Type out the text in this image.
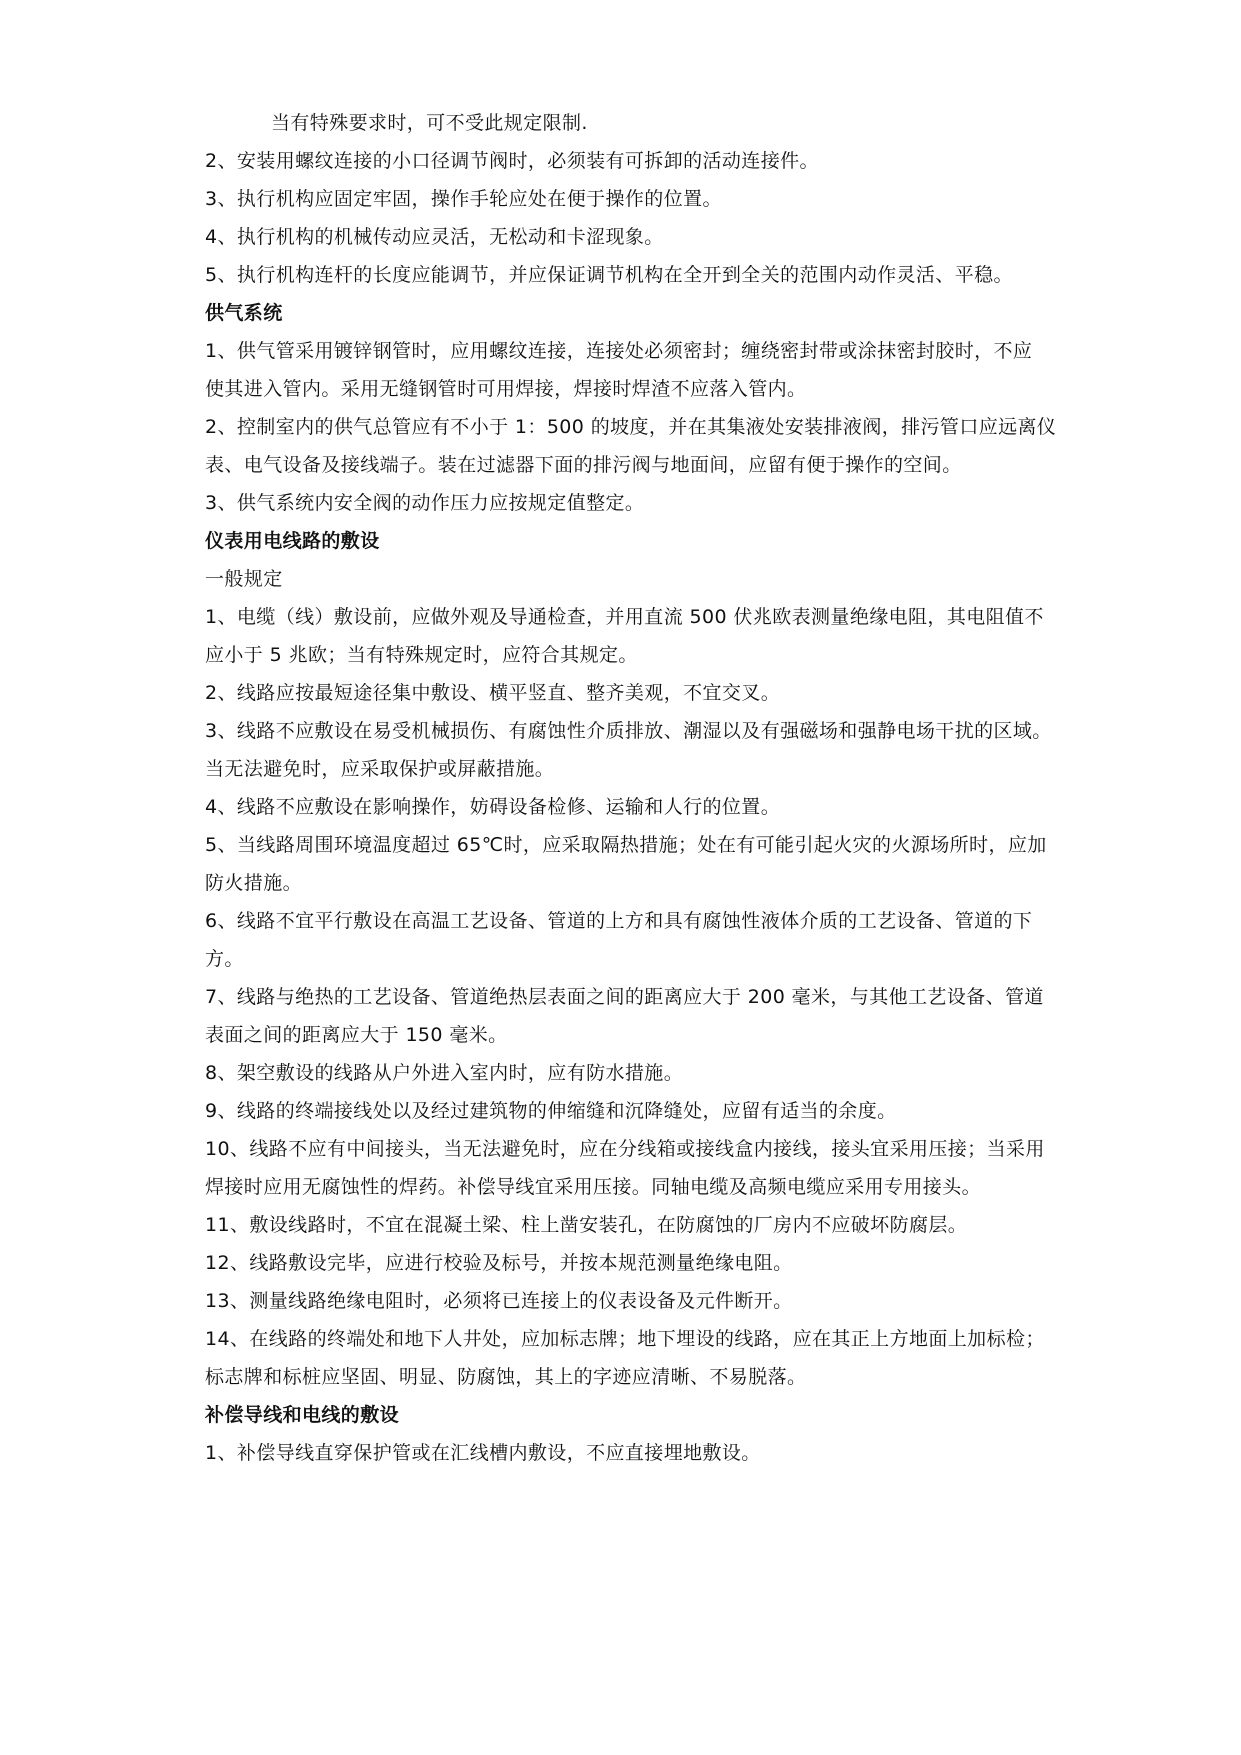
当有特殊要求时，可不受此规定限制.
2、安装用螺纹连接的小口径调节阀时，必须装有可拆卸的活动连接件。
3、执行机构应固定牢固，操作手轮应处在便于操作的位置。
4、执行机构的机械传动应灵活，无松动和卡涩现象。
5、执行机构连杆的长度应能调节，并应保证调节机构在全开到全关的范围内动作灵活、平稳。
供气系统
1、供气管采用镀锌钢管时，应用螺纹连接，连接处必须密封；缠绕密封带或涂抹密封胶时，不应
使其进入管内。采用无缝钢管时可用焊接，焊接时焊渣不应落入管内。
2、控制室内的供气总管应有不小于 1：500 的坡度，并在其集液处安装排液阀，排污管口应远离仪
表、电气设备及接线端子。装在过滤器下面的排污阀与地面间，应留有便于操作的空间。
3、供气系统内安全阀的动作压力应按规定值整定。
仪表用电线路的敷设
一般规定
1、电缆（线）敷设前，应做外观及导通检查，并用直流 500 伏兆欧表测量绝缘电阻，其电阻值不
应小于 5 兆欧；当有特殊规定时，应符合其规定。
2、线路应按最短途径集中敷设、横平竖直、整齐美观，不宜交叉。
3、线路不应敷设在易受机械损伤、有腐蚀性介质排放、潮湿以及有强磁场和强静电场干扰的区域。
当无法避免时，应采取保护或屏蔽措施。
4、线路不应敷设在影响操作，妨碍设备检修、运输和人行的位置。
5、当线路周围环境温度超过 65℃时，应采取隔热措施；处在有可能引起火灾的火源场所时，应加
防火措施。
6、线路不宜平行敷设在高温工艺设备、管道的上方和具有腐蚀性液体介质的工艺设备、管道的下
方。
7、线路与绝热的工艺设备、管道绝热层表面之间的距离应大于 200 毫米，与其他工艺设备、管道
表面之间的距离应大于 150 毫米。
8、架空敷设的线路从户外进入室内时，应有防水措施。
9、线路的终端接线处以及经过建筑物的伸缩缝和沉降缝处，应留有适当的余度。
10、线路不应有中间接头，当无法避免时，应在分线箱或接线盒内接线，接头宜采用压接；当采用
焊接时应用无腐蚀性的焊药。补偿导线宜采用压接。同轴电缆及高频电缆应采用专用接头。
11、敷设线路时，不宜在混凝土梁、柱上凿安装孔，在防腐蚀的厂房内不应破坏防腐层。
12、线路敷设完毕，应进行校验及标号，并按本规范测量绝缘电阻。
13、测量线路绝缘电阻时，必须将已连接上的仪表设备及元件断开。
14、在线路的终端处和地下人井处，应加标志牌；地下埋设的线路，应在其正上方地面上加标检；
标志牌和标桩应坚固、明显、防腐蚀，其上的字迹应清晰、不易脱落。
补偿导线和电线的敷设
1、补偿导线直穿保护管或在汇线槽内敷设，不应直接埋地敷设。
